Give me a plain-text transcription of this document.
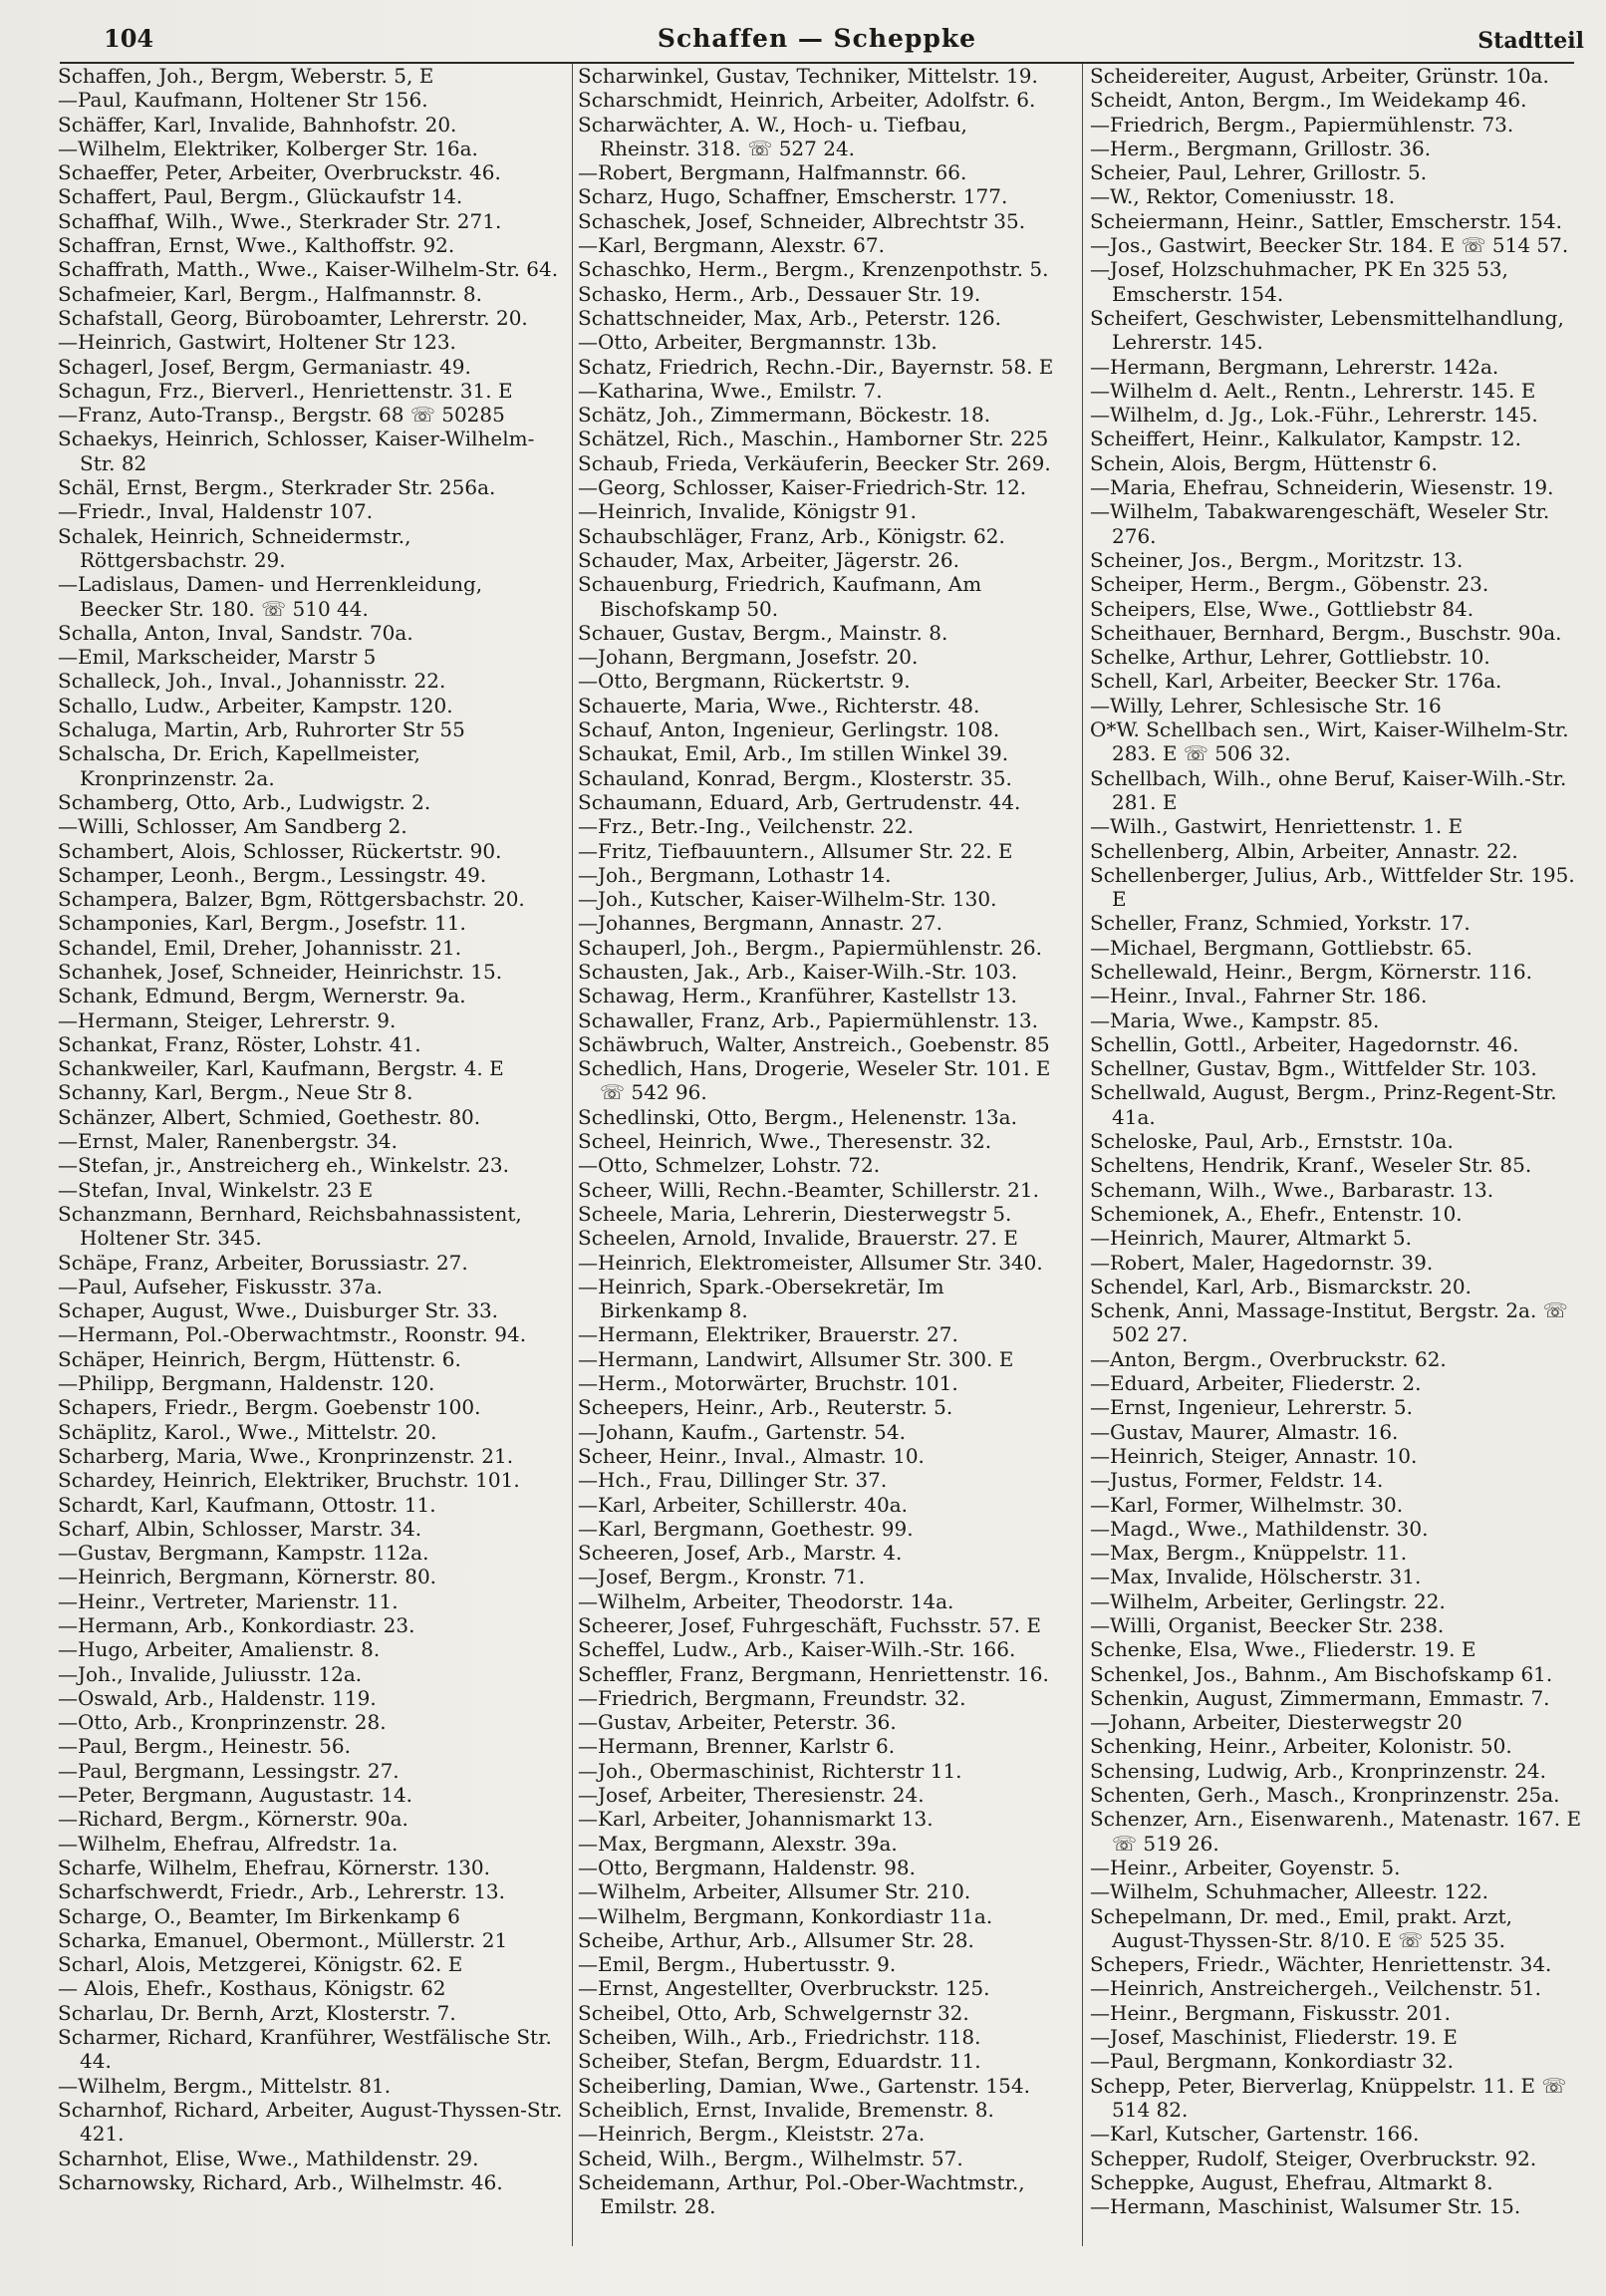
104	Schaffen — Scheppke	Stadtteil

Schaffen, Joh., Bergm, Weberstr. 5, E

—Paul, Kaufmann, Holtener Str 156.

Schäffer, Karl, Invalide, Bahnhofstr. 20.

—Wilhelm, Elektriker, Kolberger Str. 16a.

Schaeffer, Peter, Arbeiter, Overbruckstr. 46.

Schaffert, Paul, Bergm., Glückaufstr 14.

Schaffhaf, Wilh., Wwe., Sterkrader Str. 271.

Schaffran, Ernst, Wwe., Kalthoffstr. 92.

Schaffrath, Matth., Wwe., Kaiser-Wilhelm-Str. 64.

Schafmeier, Karl, Bergm., Halfmannstr. 8.

Schafstall, Georg, Büroboamter, Lehrerstr. 20.

—Heinrich, Gastwirt, Holtener Str 123.

Schagerl, Josef, Bergm, Germaniastr. 49.

Schagun, Frz., Bierverl., Henriettenstr. 31. E

—Franz, Auto-Transp., Bergstr. 68 ☏ 50285

Schaekys, Heinrich, Schlosser, Kaiser-Wilhelm-Str. 82

Schäl, Ernst, Bergm., Sterkrader Str. 256a.

—Friedr., Inval, Haldenstr 107.

Schalek, Heinrich, Schneidermstr., Röttgersbachstr. 29.

—Ladislaus, Damen- und Herrenkleidung, Beecker Str. 180. ☏ 510 44.

Schalla, Anton, Inval, Sandstr. 70a.

—Emil, Markscheider, Marstr 5

Schalleck, Joh., Inval., Johannisstr. 22.

Schallo, Ludw., Arbeiter, Kampstr. 120.

Schaluga, Martin, Arb, Ruhrorter Str 55

Schalscha, Dr. Erich, Kapellmeister, Kronprinzenstr. 2a.

Schamberg, Otto, Arb., Ludwigstr. 2.

—Willi, Schlosser, Am Sandberg 2.

Schambert, Alois, Schlosser, Rückertstr. 90.

Schamper, Leonh., Bergm., Lessingstr. 49.

Schampera, Balzer, Bgm, Röttgersbachstr. 20.

Schamponies, Karl, Bergm., Josefstr. 11.

Schandel, Emil, Dreher, Johannisstr. 21.

Schanhek, Josef, Schneider, Heinrichstr. 15.

Schank, Edmund, Bergm, Wernerstr. 9a.

—Hermann, Steiger, Lehrerstr. 9.

Schankat, Franz, Röster, Lohstr. 41.

Schankweiler, Karl, Kaufmann, Bergstr. 4. E

Schanny, Karl, Bergm., Neue Str 8.

Schänzer, Albert, Schmied, Goethestr. 80.

—Ernst, Maler, Ranenbergstr. 34.

—Stefan, jr., Anstreicherg eh., Winkelstr. 23.

—Stefan, Inval, Winkelstr. 23 E

Schanzmann, Bernhard, Reichsbahnassistent, Holtener Str. 345.

Schäpe, Franz, Arbeiter, Borussiastr. 27.

—Paul, Aufseher, Fiskusstr. 37a.

Schaper, August, Wwe., Duisburger Str. 33.

—Hermann, Pol.-Oberwachtmstr., Roonstr. 94.

Schäper, Heinrich, Bergm, Hüttenstr. 6.

—Philipp, Bergmann, Haldenstr. 120.

Schapers, Friedr., Bergm. Goebenstr 100.

Schäplitz, Karol., Wwe., Mittelstr. 20.

Scharberg, Maria, Wwe., Kronprinzenstr. 21.

Schardey, Heinrich, Elektriker, Bruchstr. 101.

Schardt, Karl, Kaufmann, Ottostr. 11.

Scharf, Albin, Schlosser, Marstr. 34.

—Gustav, Bergmann, Kampstr. 112a.

—Heinrich, Bergmann, Körnerstr. 80.

—Heinr., Vertreter, Marienstr. 11.

—Hermann, Arb., Konkordiastr. 23.

—Hugo, Arbeiter, Amalienstr. 8.

—Joh., Invalide, Juliusstr. 12a.

—Oswald, Arb., Haldenstr. 119.

—Otto, Arb., Kronprinzenstr. 28.

—Paul, Bergm., Heinestr. 56.

—Paul, Bergmann, Lessingstr. 27.

—Peter, Bergmann, Augustastr. 14.

—Richard, Bergm., Körnerstr. 90a.

—Wilhelm, Ehefrau, Alfredstr. 1a.

Scharfe, Wilhelm, Ehefrau, Körnerstr. 130.

Scharfschwerdt, Friedr., Arb., Lehrerstr. 13.

Scharge, O., Beamter, Im Birkenkamp 6

Scharka, Emanuel, Obermont., Müllerstr. 21

Scharl, Alois, Metzgerei, Königstr. 62. E

— Alois, Ehefr., Kosthaus, Königstr. 62

Scharlau, Dr. Bernh, Arzt, Klosterstr. 7.

Scharmer, Richard, Kranführer, Westfälische Str. 44.

—Wilhelm, Bergm., Mittelstr. 81.

Scharnhof, Richard, Arbeiter, August-Thyssen-Str. 421.

Scharnhot, Elise, Wwe., Mathildenstr. 29.

Scharnowsky, Richard, Arb., Wilhelmstr. 46.

Scharwinkel, Gustav, Techniker, Mittelstr. 19.

Scharschmidt, Heinrich, Arbeiter, Adolfstr. 6.

Scharwächter, A. W., Hoch- u. Tiefbau, Rheinstr. 318. ☏ 527 24.

—Robert, Bergmann, Halfmannstr. 66.

Scharz, Hugo, Schaffner, Emscherstr. 177.

Schaschek, Josef, Schneider, Albrechtstr 35.

—Karl, Bergmann, Alexstr. 67.

Schaschko, Herm., Bergm., Krenzenpothstr. 5.

Schasko, Herm., Arb., Dessauer Str. 19.

Schattschneider, Max, Arb., Peterstr. 126.

—Otto, Arbeiter, Bergmannstr. 13b.

Schatz, Friedrich, Rechn.-Dir., Bayernstr. 58. E

—Katharina, Wwe., Emilstr. 7.

Schätz, Joh., Zimmermann, Böckestr. 18.

Schätzel, Rich., Maschin., Hamborner Str. 225

Schaub, Frieda, Verkäuferin, Beecker Str. 269.

—Georg, Schlosser, Kaiser-Friedrich-Str. 12.

—Heinrich, Invalide, Königstr 91.

Schaubschläger, Franz, Arb., Königstr. 62.

Schauder, Max, Arbeiter, Jägerstr. 26.

Schauenburg, Friedrich, Kaufmann, Am Bischofskamp 50.

Schauer, Gustav, Bergm., Mainstr. 8.

—Johann, Bergmann, Josefstr. 20.

—Otto, Bergmann, Rückertstr. 9.

Schauerte, Maria, Wwe., Richterstr. 48.

Schauf, Anton, Ingenieur, Gerlingstr. 108.

Schaukat, Emil, Arb., Im stillen Winkel 39.

Schauland, Konrad, Bergm., Klosterstr. 35.

Schaumann, Eduard, Arb, Gertrudenstr. 44.

—Frz., Betr.-Ing., Veilchenstr. 22.

—Fritz, Tiefbauuntern., Allsumer Str. 22. E

—Joh., Bergmann, Lothastr 14.

—Joh., Kutscher, Kaiser-Wilhelm-Str. 130.

—Johannes, Bergmann, Annastr. 27.

Schauperl, Joh., Bergm., Papiermühlenstr. 26.

Schausten, Jak., Arb., Kaiser-Wilh.-Str. 103.

Schawag, Herm., Kranführer, Kastellstr 13.

Schawaller, Franz, Arb., Papiermühlenstr. 13.

Schäwbruch, Walter, Anstreich., Goebenstr. 85

Schedlich, Hans, Drogerie, Weseler Str. 101. E ☏ 542 96.

Schedlinski, Otto, Bergm., Helenenstr. 13a.

Scheel, Heinrich, Wwe., Theresenstr. 32.

—Otto, Schmelzer, Lohstr. 72.

Scheer, Willi, Rechn.-Beamter, Schillerstr. 21.

Scheele, Maria, Lehrerin, Diesterwegstr 5.

Scheelen, Arnold, Invalide, Brauerstr. 27. E

—Heinrich, Elektromeister, Allsumer Str. 340.

—Heinrich, Spark.-Obersekretär, Im Birkenkamp 8.

—Hermann, Elektriker, Brauerstr. 27.

—Hermann, Landwirt, Allsumer Str. 300. E

—Herm., Motorwärter, Bruchstr. 101.

Scheepers, Heinr., Arb., Reuterstr. 5.

—Johann, Kaufm., Gartenstr. 54.

Scheer, Heinr., Inval., Almastr. 10.

—Hch., Frau, Dillinger Str. 37.

—Karl, Arbeiter, Schillerstr. 40a.

—Karl, Bergmann, Goethestr. 99.

Scheeren, Josef, Arb., Marstr. 4.

—Josef, Bergm., Kronstr. 71.

—Wilhelm, Arbeiter, Theodorstr. 14a.

Scheerer, Josef, Fuhrgeschäft, Fuchsstr. 57. E

Scheffel, Ludw., Arb., Kaiser-Wilh.-Str. 166.

Scheffler, Franz, Bergmann, Henriettenstr. 16.

—Friedrich, Bergmann, Freundstr. 32.

—Gustav, Arbeiter, Peterstr. 36.

—Hermann, Brenner, Karlstr 6.

—Joh., Obermaschinist, Richterstr 11.

—Josef, Arbeiter, Theresienstr. 24.

—Karl, Arbeiter, Johannismarkt 13.

—Max, Bergmann, Alexstr. 39a.

—Otto, Bergmann, Haldenstr. 98.

—Wilhelm, Arbeiter, Allsumer Str. 210.

—Wilhelm, Bergmann, Konkordiastr 11a.

Scheibe, Arthur, Arb., Allsumer Str. 28.

—Emil, Bergm., Hubertusstr. 9.

—Ernst, Angestellter, Overbruckstr. 125.

Scheibel, Otto, Arb, Schwelgernstr 32.

Scheiben, Wilh., Arb., Friedrichstr. 118.

Scheiber, Stefan, Bergm, Eduardstr. 11.

Scheiberling, Damian, Wwe., Gartenstr. 154.

Scheiblich, Ernst, Invalide, Bremenstr. 8.

—Heinrich, Bergm., Kleiststr. 27a.

Scheid, Wilh., Bergm., Wilhelmstr. 57.

Scheidemann, Arthur, Pol.-Ober-Wachtmstr., Emilstr. 28.

Scheidereiter, August, Arbeiter, Grünstr. 10a.

Scheidt, Anton, Bergm., Im Weidekamp 46.

—Friedrich, Bergm., Papiermühlenstr. 73.

—Herm., Bergmann, Grillostr. 36.

Scheier, Paul, Lehrer, Grillostr. 5.

—W., Rektor, Comeniusstr. 18.

Scheiermann, Heinr., Sattler, Emscherstr. 154.

—Jos., Gastwirt, Beecker Str. 184. E ☏ 514 57.

—Josef, Holzschuhmacher, PK En 325 53, Emscherstr. 154.

Scheifert, Geschwister, Lebensmittelhandlung, Lehrerstr. 145.

—Hermann, Bergmann, Lehrerstr. 142a.

—Wilhelm d. Aelt., Rentn., Lehrerstr. 145. E

—Wilhelm, d. Jg., Lok.-Führ., Lehrerstr. 145.

Scheiffert, Heinr., Kalkulator, Kampstr. 12.

Schein, Alois, Bergm, Hüttenstr 6.

—Maria, Ehefrau, Schneiderin, Wiesenstr. 19.

—Wilhelm, Tabakwarengeschäft, Weseler Str. 276.

Scheiner, Jos., Bergm., Moritzstr. 13.

Scheiper, Herm., Bergm., Göbenstr. 23.

Scheipers, Else, Wwe., Gottliebstr 84.

Scheithauer, Bernhard, Bergm., Buschstr. 90a.

Schelke, Arthur, Lehrer, Gottliebstr. 10.

Schell, Karl, Arbeiter, Beecker Str. 176a.

—Willy, Lehrer, Schlesische Str. 16

O*W. Schellbach sen., Wirt, Kaiser-Wilhelm-Str. 283. E ☏ 506 32.

Schellbach, Wilh., ohne Beruf, Kaiser-Wilh.-Str. 281. E

—Wilh., Gastwirt, Henriettenstr. 1. E

Schellenberg, Albin, Arbeiter, Annastr. 22.

Schellenberger, Julius, Arb., Wittfelder Str. 195. E

Scheller, Franz, Schmied, Yorkstr. 17.

—Michael, Bergmann, Gottliebstr. 65.

Schellewald, Heinr., Bergm, Körnerstr. 116.

—Heinr., Inval., Fahrner Str. 186.

—Maria, Wwe., Kampstr. 85.

Schellin, Gottl., Arbeiter, Hagedornstr. 46.

Schellner, Gustav, Bgm., Wittfelder Str. 103.

Schellwald, August, Bergm., Prinz-Regent-Str. 41a.

Scheloske, Paul, Arb., Ernststr. 10a.

Scheltens, Hendrik, Kranf., Weseler Str. 85.

Schemann, Wilh., Wwe., Barbarastr. 13.

Schemionek, A., Ehefr., Entenstr. 10.

—Heinrich, Maurer, Altmarkt 5.

—Robert, Maler, Hagedornstr. 39.

Schendel, Karl, Arb., Bismarckstr. 20.

Schenk, Anni, Massage-Institut, Bergstr. 2a. ☏ 502 27.

—Anton, Bergm., Overbruckstr. 62.

—Eduard, Arbeiter, Fliederstr. 2.

—Ernst, Ingenieur, Lehrerstr. 5.

—Gustav, Maurer, Almastr. 16.

—Heinrich, Steiger, Annastr. 10.

—Justus, Former, Feldstr. 14.

—Karl, Former, Wilhelmstr. 30.

—Magd., Wwe., Mathildenstr. 30.

—Max, Bergm., Knüppelstr. 11.

—Max, Invalide, Hölscherstr. 31.

—Wilhelm, Arbeiter, Gerlingstr. 22.

—Willi, Organist, Beecker Str. 238.

Schenke, Elsa, Wwe., Fliederstr. 19. E

Schenkel, Jos., Bahnm., Am Bischofskamp 61.

Schenkin, August, Zimmermann, Emmastr. 7.

—Johann, Arbeiter, Diesterwegstr 20

Schenking, Heinr., Arbeiter, Kolonistr. 50.

Schensing, Ludwig, Arb., Kronprinzenstr. 24.

Schenten, Gerh., Masch., Kronprinzenstr. 25a.

Schenzer, Arn., Eisenwarenh., Matenastr. 167. E ☏ 519 26.

—Heinr., Arbeiter, Goyenstr. 5.

—Wilhelm, Schuhmacher, Alleestr. 122.

Schepelmann, Dr. med., Emil, prakt. Arzt, August-Thyssen-Str. 8/10. E ☏ 525 35.

Schepers, Friedr., Wächter, Henriettenstr. 34.

—Heinrich, Anstreichergeh., Veilchenstr. 51.

—Heinr., Bergmann, Fiskusstr. 201.

—Josef, Maschinist, Fliederstr. 19. E

—Paul, Bergmann, Konkordiastr 32.

Schepp, Peter, Bierverlag, Knüppelstr. 11. E ☏ 514 82.

—Karl, Kutscher, Gartenstr. 166.

Schepper, Rudolf, Steiger, Overbruckstr. 92.

Scheppke, August, Ehefrau, Altmarkt 8.

—Hermann, Maschinist, Walsumer Str. 15.
